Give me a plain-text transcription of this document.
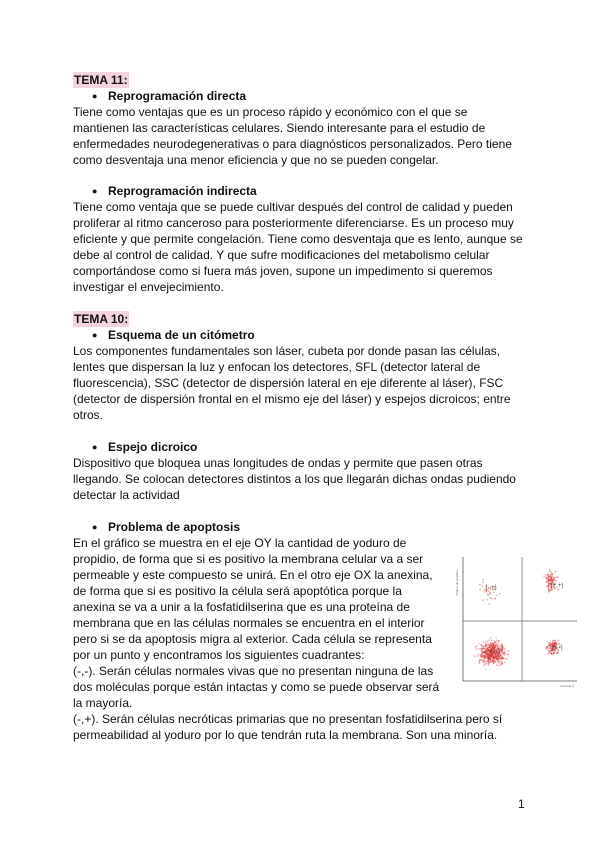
TEMA 11:
● Reprogramación directa
Tiene como ventajas que es un proceso rápido y económico con el que se
mantienen las características celulares. Siendo interesante para el estudio de
enfermedades neurodegenerativas o para diagnósticos personalizados. Pero tiene
como desventaja una menor eficiencia y que no se pueden congelar.
● Reprogramación indirecta
Tiene como ventaja que se puede cultivar después del control de calidad y pueden
proliferar al ritmo canceroso para posteriormente diferenciarse. Es un proceso muy
eficiente y que permite congelación. Tiene como desventaja que es lento, aunque se
debe al control de calidad. Y que sufre modificaciones del metabolismo celular
comportándose como si fuera más joven, supone un impedimento si queremos
investigar el envejecimiento.
TEMA 10:
● Esquema de un citómetro
Los componentes fundamentales son láser, cubeta por donde pasan las células,
lentes que dispersan la luz y enfocan los detectores, SFL (detector lateral de
fluorescencia), SSC (detector de dispersión lateral en eje diferente al láser), FSC
(detector de dispersión frontal en el mismo eje del láser) y espejos dicroicos; entre
otros.
● Espejo dicroico
Dispositivo que bloquea unas longitudes de ondas y permite que pasen otras
llegando. Se colocan detectores distintos a los que llegarán dichas ondas pudiendo
detectar la actividad
● Problema de apoptosis
En el gráfico se muestra en el eje OY la cantidad de yoduro de
propidio, de forma que si es positivo la membrana celular va a ser
permeable y este compuesto se unirá. En el otro eje OX la anexina,
de forma que si es positivo la célula será apoptótica porque la
anexina se va a unir a la fosfatidilserina que es una proteína de
membrana que en las células normales se encuentra en el interior
pero si se da apoptosis migra al exterior. Cada célula se representa
por un punto y encontramos los siguientes cuadrantes:
(-,-). Serán células normales vivas que no presentan ninguna de las
dos moléculas porque están intactas y como se puede observar será
la mayoría.
(-,+). Serán células necróticas primarias que no presentan fosfatidilserina pero sí
permeabilidad al yoduro por lo que tendrán ruta la membrana. Son una minoría.
Yoduro de propidio
Anexina V
(-,+)	(+,+)
(-,-)
(+,-)
1
